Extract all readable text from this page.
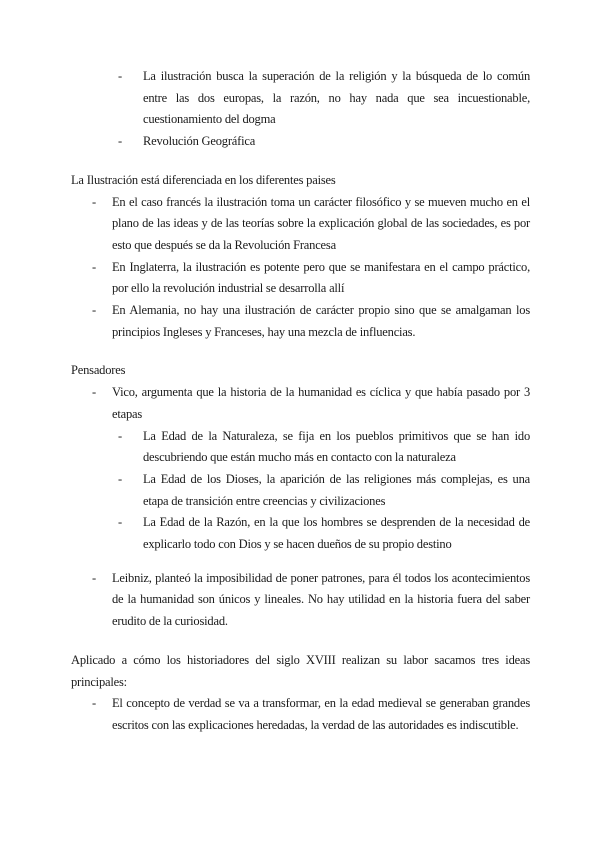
- La ilustración busca la superación de la religión y la búsqueda de lo común entre las dos europas, la razón, no hay nada que sea incuestionable, cuestionamiento del dogma
- Revolución Geográfica
La Ilustración está diferenciada en los diferentes paises
- En el caso francés la ilustración toma un carácter filosófico y se mueven mucho en el plano de las ideas y de las teorías sobre la explicación global de las sociedades, es por esto que después se da la Revolución Francesa
- En Inglaterra, la ilustración es potente pero que se manifestara en el campo práctico, por ello la revolución industrial se desarrolla allí
- En Alemania, no hay una ilustración de carácter propio sino que se amalgaman los principios Ingleses y Franceses, hay una mezcla de influencias.
Pensadores
- Vico, argumenta que la historia de la humanidad es cíclica y que había pasado por 3 etapas
- La Edad de la Naturaleza, se fija en los pueblos primitivos que se han ido descubriendo que están mucho más en contacto con la naturaleza
- La Edad de los Dioses, la aparición de las religiones más complejas, es una etapa de transición entre creencias y civilizaciones
- La Edad de la Razón, en la que los hombres se desprenden de la necesidad de explicarlo todo con Dios y se hacen dueños de su propio destino
- Leibniz, planteó la imposibilidad de poner patrones, para él todos los acontecimientos de la humanidad son únicos y lineales. No hay utilidad en la historia fuera del saber erudito de la curiosidad.
Aplicado a cómo los historiadores del siglo XVIII realizan su labor sacamos tres ideas principales:
- El concepto de verdad se va a transformar, en la edad medieval se generaban grandes escritos con las explicaciones heredadas, la verdad de las autoridades es indiscutible.
